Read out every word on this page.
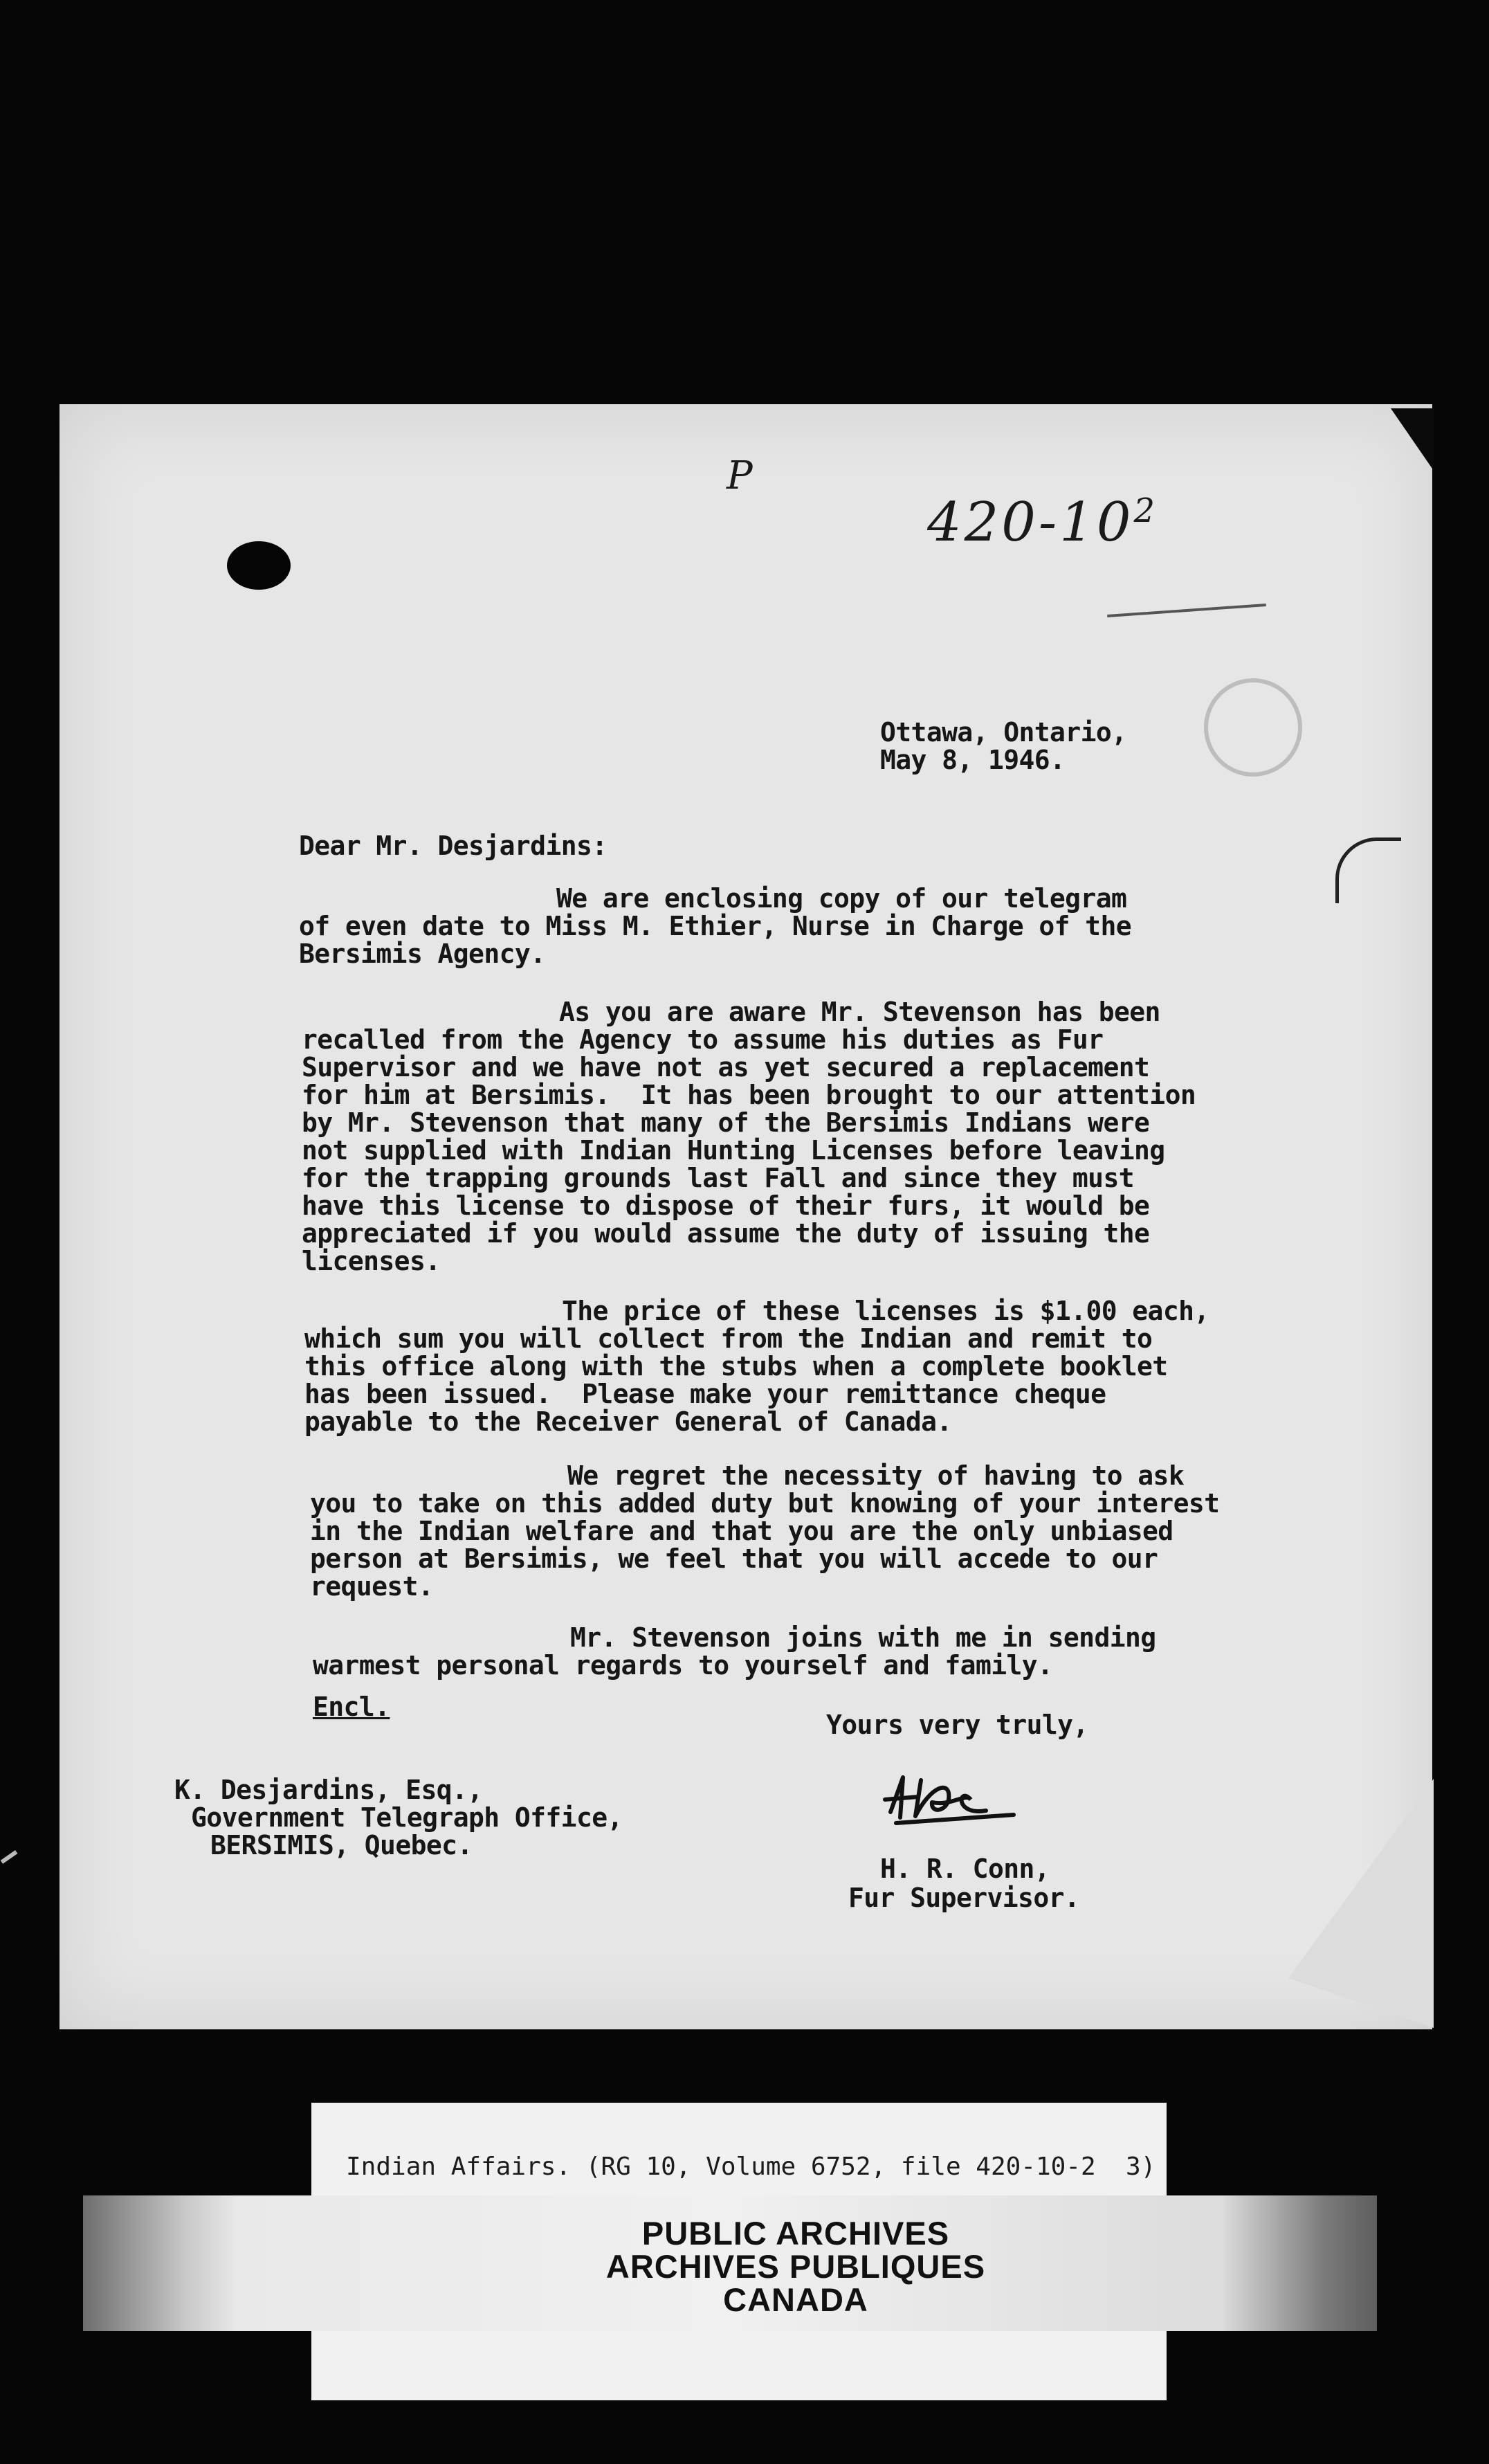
P
$420-10^2$
Ottawa, Ontario,
May 8, 1946.
Dear Mr. Desjardins:
We are enclosing copy of our telegram
of even date to Miss M. Ethier, Nurse in Charge of the
Bersimis Agency.
As you are aware Mr. Stevenson has been
recalled from the Agency to assume his duties as Fur
Supervisor and we have not as yet secured a replacement
for him at Bersimis.  It has been brought to our attention
by Mr. Stevenson that many of the Bersimis Indians were
not supplied with Indian Hunting Licenses before leaving
for the trapping grounds last Fall and since they must
have this license to dispose of their furs, it would be
appreciated if you would assume the duty of issuing the
licenses.
The price of these licenses is $1.00 each,
which sum you will collect from the Indian and remit to
this office along with the stubs when a complete booklet
has been issued.  Please make your remittance cheque
payable to the Receiver General of Canada.
We regret the necessity of having to ask
you to take on this added duty but knowing of your interest
in the Indian welfare and that you are the only unbiased
person at Bersimis, we feel that you will accede to our
request.
Mr. Stevenson joins with me in sending
warmest personal regards to yourself and family.
Encl.
Yours very truly,
K. Desjardins, Esq.,
Government Telegraph Office,
BERSIMIS, Quebec.
H. R. Conn,
Fur Supervisor.
Indian Affairs. (RG 10, Volume 6752, file 420-10-2  3)
PUBLIC ARCHIVES
ARCHIVES PUBLIQUES
CANADA
